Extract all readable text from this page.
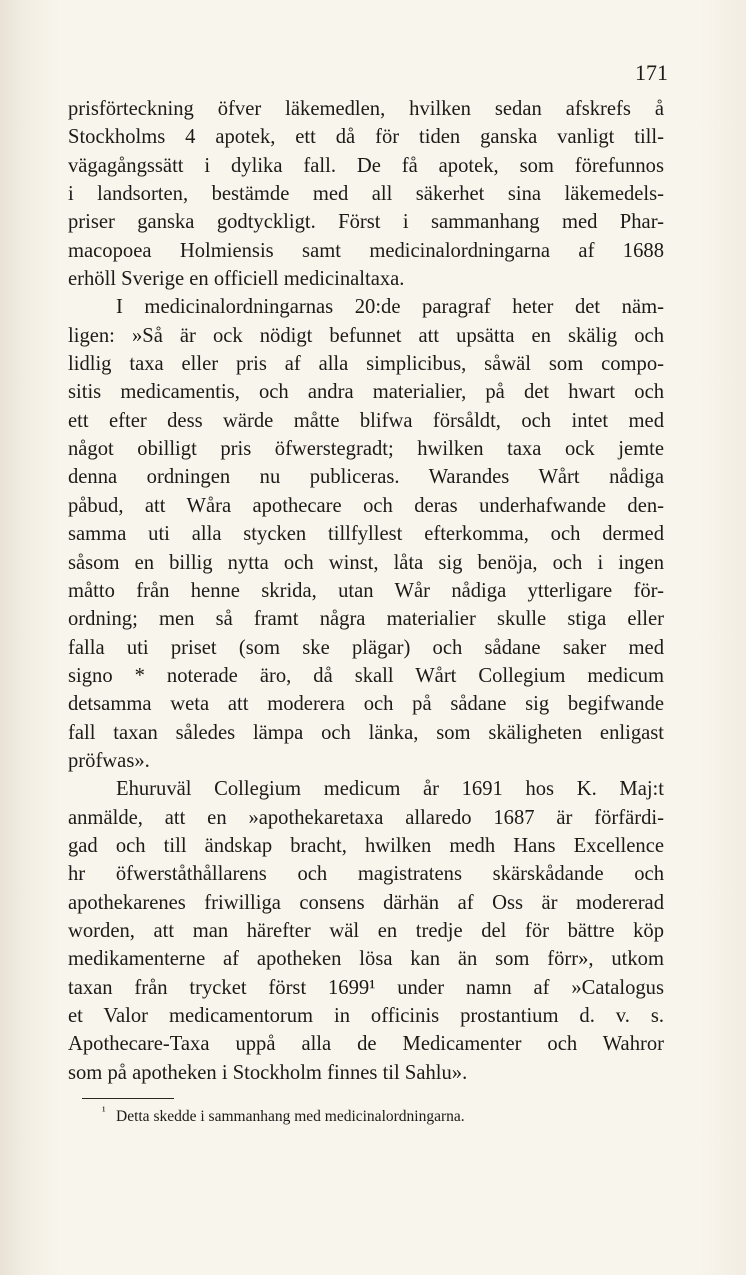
171
prisförteckning öfver läkemedlen, hvilken sedan afskrefs å
Stockholms 4 apotek, ett då för tiden ganska vanligt till-
vägagångssätt i dylika fall. De få apotek, som förefunnos
i landsorten, bestämde med all säkerhet sina läkemedels-
priser ganska godtyckligt. Först i sammanhang med Phar-
macopoea Holmiensis samt medicinalordningarna af 1688
erhöll Sverige en officiell medicinaltaxa.
I medicinalordningarnas 20:de paragraf heter det näm-
ligen: »Så är ock nödigt befunnet att upsätta en skälig och
lidlig taxa eller pris af alla simplicibus, såwäl som compo-
sitis medicamentis, och andra materialier, på det hwart och
ett efter dess wärde måtte blifwa försåldt, och intet med
något obilligt pris öfwerstegradt; hwilken taxa ock jemte
denna ordningen nu publiceras. Warandes Wårt nådiga
påbud, att Wåra apothecare och deras underhafwande den-
samma uti alla stycken tillfyllest efterkomma, och dermed
såsom en billig nytta och winst, låta sig benöja, och i ingen
måtto från henne skrida, utan Wår nådiga ytterligare för-
ordning; men så framt några materialier skulle stiga eller
falla uti priset (som ske plägar) och sådane saker med
signo * noterade äro, då skall Wårt Collegium medicum
detsamma weta att moderera och på sådane sig begifwande
fall taxan således lämpa och länka, som skäligheten enligast
pröfwas».
Ehuruväl Collegium medicum år 1691 hos K. Maj:t
anmälde, att en »apothekaretaxa allaredo 1687 är förfärdi-
gad och till ändskap bracht, hwilken medh Hans Excellence
hr öfwerståthållarens och magistratens skärskådande och
apothekarenes friwilliga consens därhän af Oss är modererad
worden, att man härefter wäl en tredje del för bättre köp
medikamenterne af apotheken lösa kan än som förr», utkom
taxan från trycket först 1699¹ under namn af »Catalogus
et Valor medicamentorum in officinis prostantium d. v. s.
Apothecare-Taxa uppå alla de Medicamenter och Wahror
som på apotheken i Stockholm finnes til Sahlu».
¹ Detta skedde i sammanhang med medicinalordningarna.
